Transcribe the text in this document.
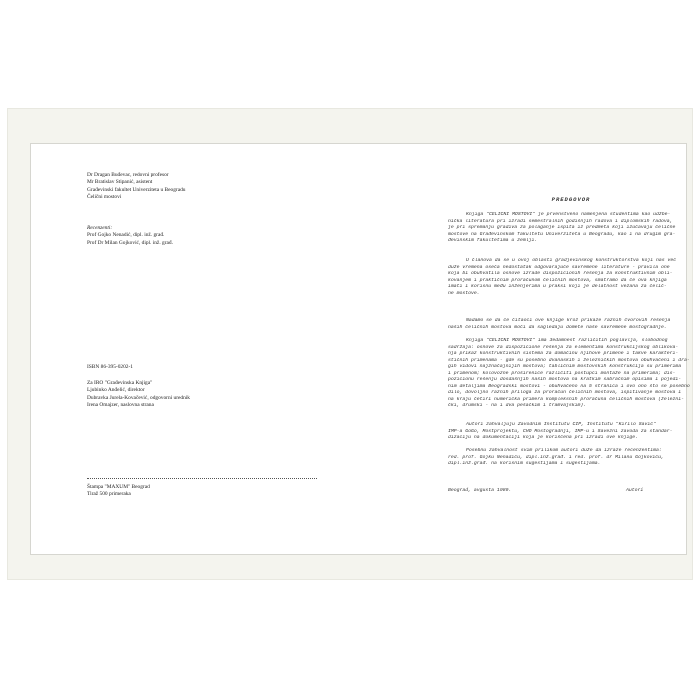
Dr Dragan Buđevac, redovni profesor
Mr Bratislav Stipanić, asistent
Građevinski fakultet Univerziteta u Beogradu
Čelični mostovi
Recenzenti:
Prof Gojko Nenadić, dipl. inž. građ.
Prof Dr Milan Gojković, dipl. inž. građ.
ISBN 86-395-0202-1
Za IRO "Građevinska Knjiga"
Ljubinko Anđelić, direktor
Dubravka Jurela-Kovačević, odgovorni urednik
Irena Omajzer, naslovna strana
Štampa "MAXUM" Beograd
Tiraž 500 primeraka
PREDGOVOR
Knjiga "ČELIČNI MOSTOVI" je prvenstveno namenjena studentima kao udžbe-
nička literatura pri izradi semestralnih godišnjih radova i diplomskih radova,
je pri spremanju gradiva za polaganje ispita iz predmeta koji izučavaju čelične
mostove na Građevinskom fakultetu Univerziteta u Beogradu, kao i na drugim gra-
đevinskim fakultetima u zemlji.
U članova da se u ovoj oblasti gradjevinskog konstruktorstva koji nas već
duže vremena oseća nedostatak odgovarajuće savremene literature - pravila one
koja bi obuhvatila osnove izrade dispozicionih rešenja za konstruktivnim obli-
kovanjem i praktičnim proračunom čeličnih mostova, smatramo da će ova knjiga
imati i korisnu među inženjerima u praksi koji je delatnost vezana za čelič-
ne mostove.
Nadamo se da će čitaoci ove knjige kroz prikaze raznih čvorovih rešenja
naših čeličnih mostova moći da sagledaju domete naše savremene mostogradnje.
Knjiga "ČELIČNI MOSTOVI" ima 3edamnest različitih poglavlja, slobodnog
sadržaja: osnove za dispozicione rešenja za elementima konstrukcijskog oblikova-
nja prikaz konstruktivnih sistema za domaćinu njihove primene i takve karakteri-
stičnih primenama - gde su posebno dvanaskih i železničkih mostova obuhvaćeni i dra-
gih vidovi najznačajnijih mostova; tabličnim mostovskih konstrukcija su primerima
i primenom; kolovozne proširenice različiti postupci montaže na primerima; dis-
pozicionu rešenju dosdašnjih naših mostova na kratkim sabraćnim opisima i pojedi-
nim detaljima Beogradski mostovi - obuhvaćeno na 5 stranica i ovo ono što se posebno
dilo, dovoljno raznih priloga za proračun čeličnih mostova, ispitivanje mostova i
na kraju četiri numerička primera kompleksnih proračuna čeličnih mostova (železni-
čki, drumski - na i dva pešačkim i tramvajskim).
Autori zahvaljuju Zavodnim Institutu CIP, Institutu "Kirilo Savić"
IMP-a GoGo, Mostprojektu, CHO Mostogradnji, IMP-u i Savezni zavoda za standar-
dizaciju na dokumentaciji koja je korišćena pri izradi ove knjige.
Posebnu zahvalnost svim prilikom autori duže da izraze recenzentima:
red. prof. Gojku Nenadiću, dipl.inž.građ. i red. prof. dr Milanu Gojkoviću,
dipl.inž.građ. na korisnim sugestijama i sugestijama.
Beograd, avgusta 1989.	Autori
